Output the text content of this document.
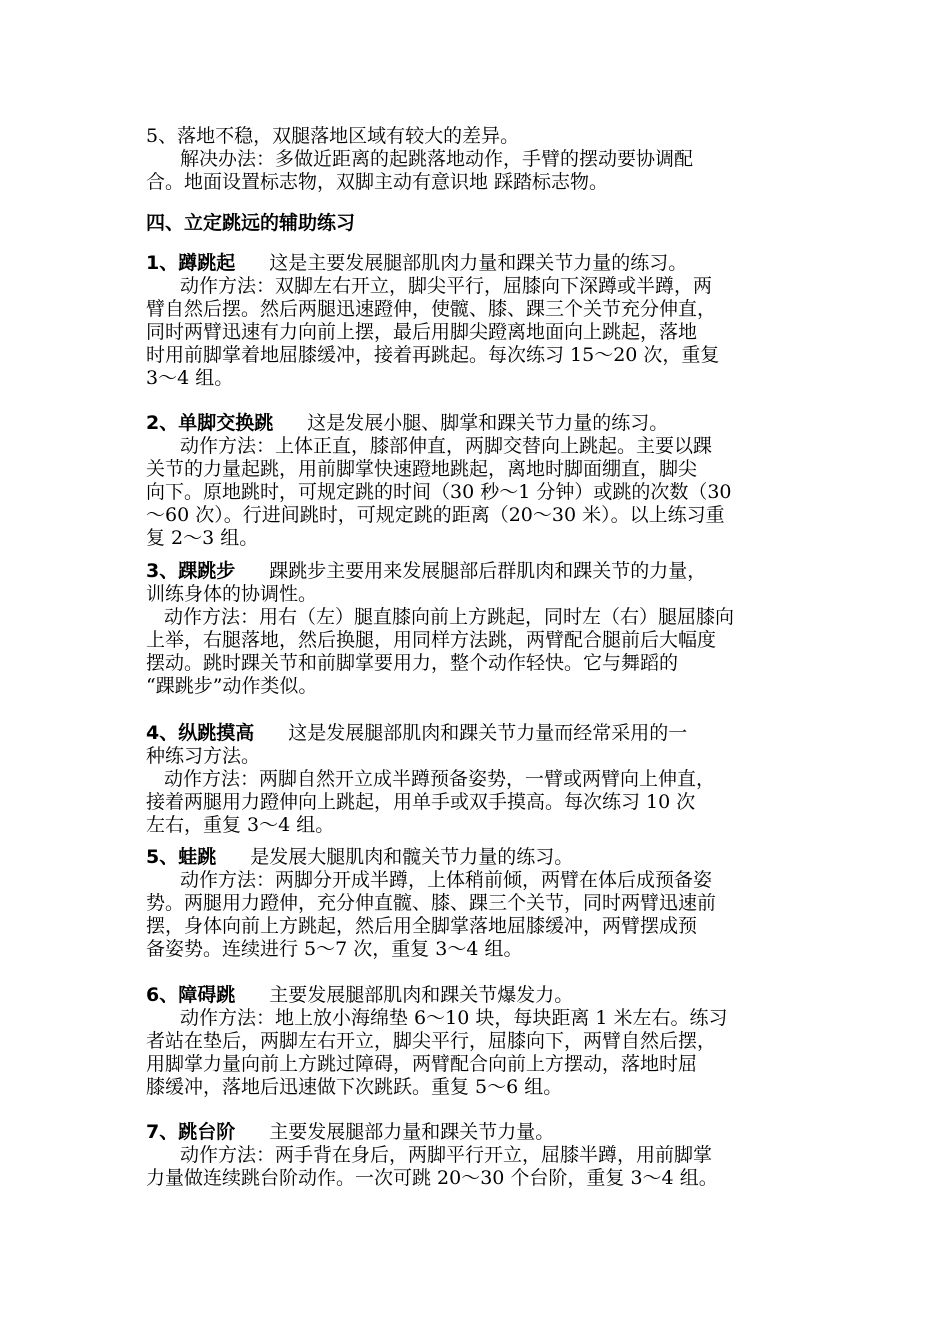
5、落地不稳，双腿落地区域有较大的差异。
解决办法：多做近距离的起跳落地动作，手臂的摆动要协调配
合。地面设置标志物，双脚主动有意识地 踩踏标志物。
四、立定跳远的辅助练习
1、蹲跳起 这是主要发展腿部肌肉力量和踝关节力量的练习。
动作方法：双脚左右开立，脚尖平行，屈膝向下深蹲或半蹲，两
臂自然后摆。然后两腿迅速蹬伸，使髋、膝、踝三个关节充分伸直，
同时两臂迅速有力向前上摆，最后用脚尖蹬离地面向上跳起，落地
时用前脚掌着地屈膝缓冲，接着再跳起。每次练习 15～20 次，重复
3～4 组。
2、单脚交换跳 这是发展小腿、脚掌和踝关节力量的练习。
动作方法：上体正直，膝部伸直，两脚交替向上跳起。主要以踝
关节的力量起跳，用前脚掌快速蹬地跳起，离地时脚面绷直，脚尖
向下。原地跳时，可规定跳的时间（30 秒～1 分钟）或跳的次数（30
～60 次）。行进间跳时，可规定跳的距离（20～30 米）。以上练习重
复 2～3 组。
3、踝跳步 踝跳步主要用来发展腿部后群肌肉和踝关节的力量，
训练身体的协调性。
动作方法：用右（左）腿直膝向前上方跳起，同时左（右）腿屈膝向
上举，右腿落地，然后换腿，用同样方法跳，两臂配合腿前后大幅度
摆动。跳时踝关节和前脚掌要用力，整个动作轻快。它与舞蹈的
“踝跳步”动作类似。
4、纵跳摸高 这是发展腿部肌肉和踝关节力量而经常采用的一
种练习方法。
动作方法：两脚自然开立成半蹲预备姿势，一臂或两臂向上伸直，
接着两腿用力蹬伸向上跳起，用单手或双手摸高。每次练习 10 次
左右，重复 3～4 组。
5、蛙跳 是发展大腿肌肉和髋关节力量的练习。
动作方法：两脚分开成半蹲，上体稍前倾，两臂在体后成预备姿
势。两腿用力蹬伸，充分伸直髋、膝、踝三个关节，同时两臂迅速前
摆，身体向前上方跳起，然后用全脚掌落地屈膝缓冲，两臂摆成预
备姿势。连续进行 5～7 次，重复 3～4 组。
6、障碍跳 主要发展腿部肌肉和踝关节爆发力。
动作方法：地上放小海绵垫 6～10 块，每块距离 1 米左右。练习
者站在垫后，两脚左右开立，脚尖平行，屈膝向下，两臂自然后摆，
用脚掌力量向前上方跳过障碍，两臂配合向前上方摆动，落地时屈
膝缓冲，落地后迅速做下次跳跃。重复 5～6 组。
7、跳台阶 主要发展腿部力量和踝关节力量。
动作方法：两手背在身后，两脚平行开立，屈膝半蹲，用前脚掌
力量做连续跳台阶动作。一次可跳 20～30 个台阶，重复 3～4 组。
